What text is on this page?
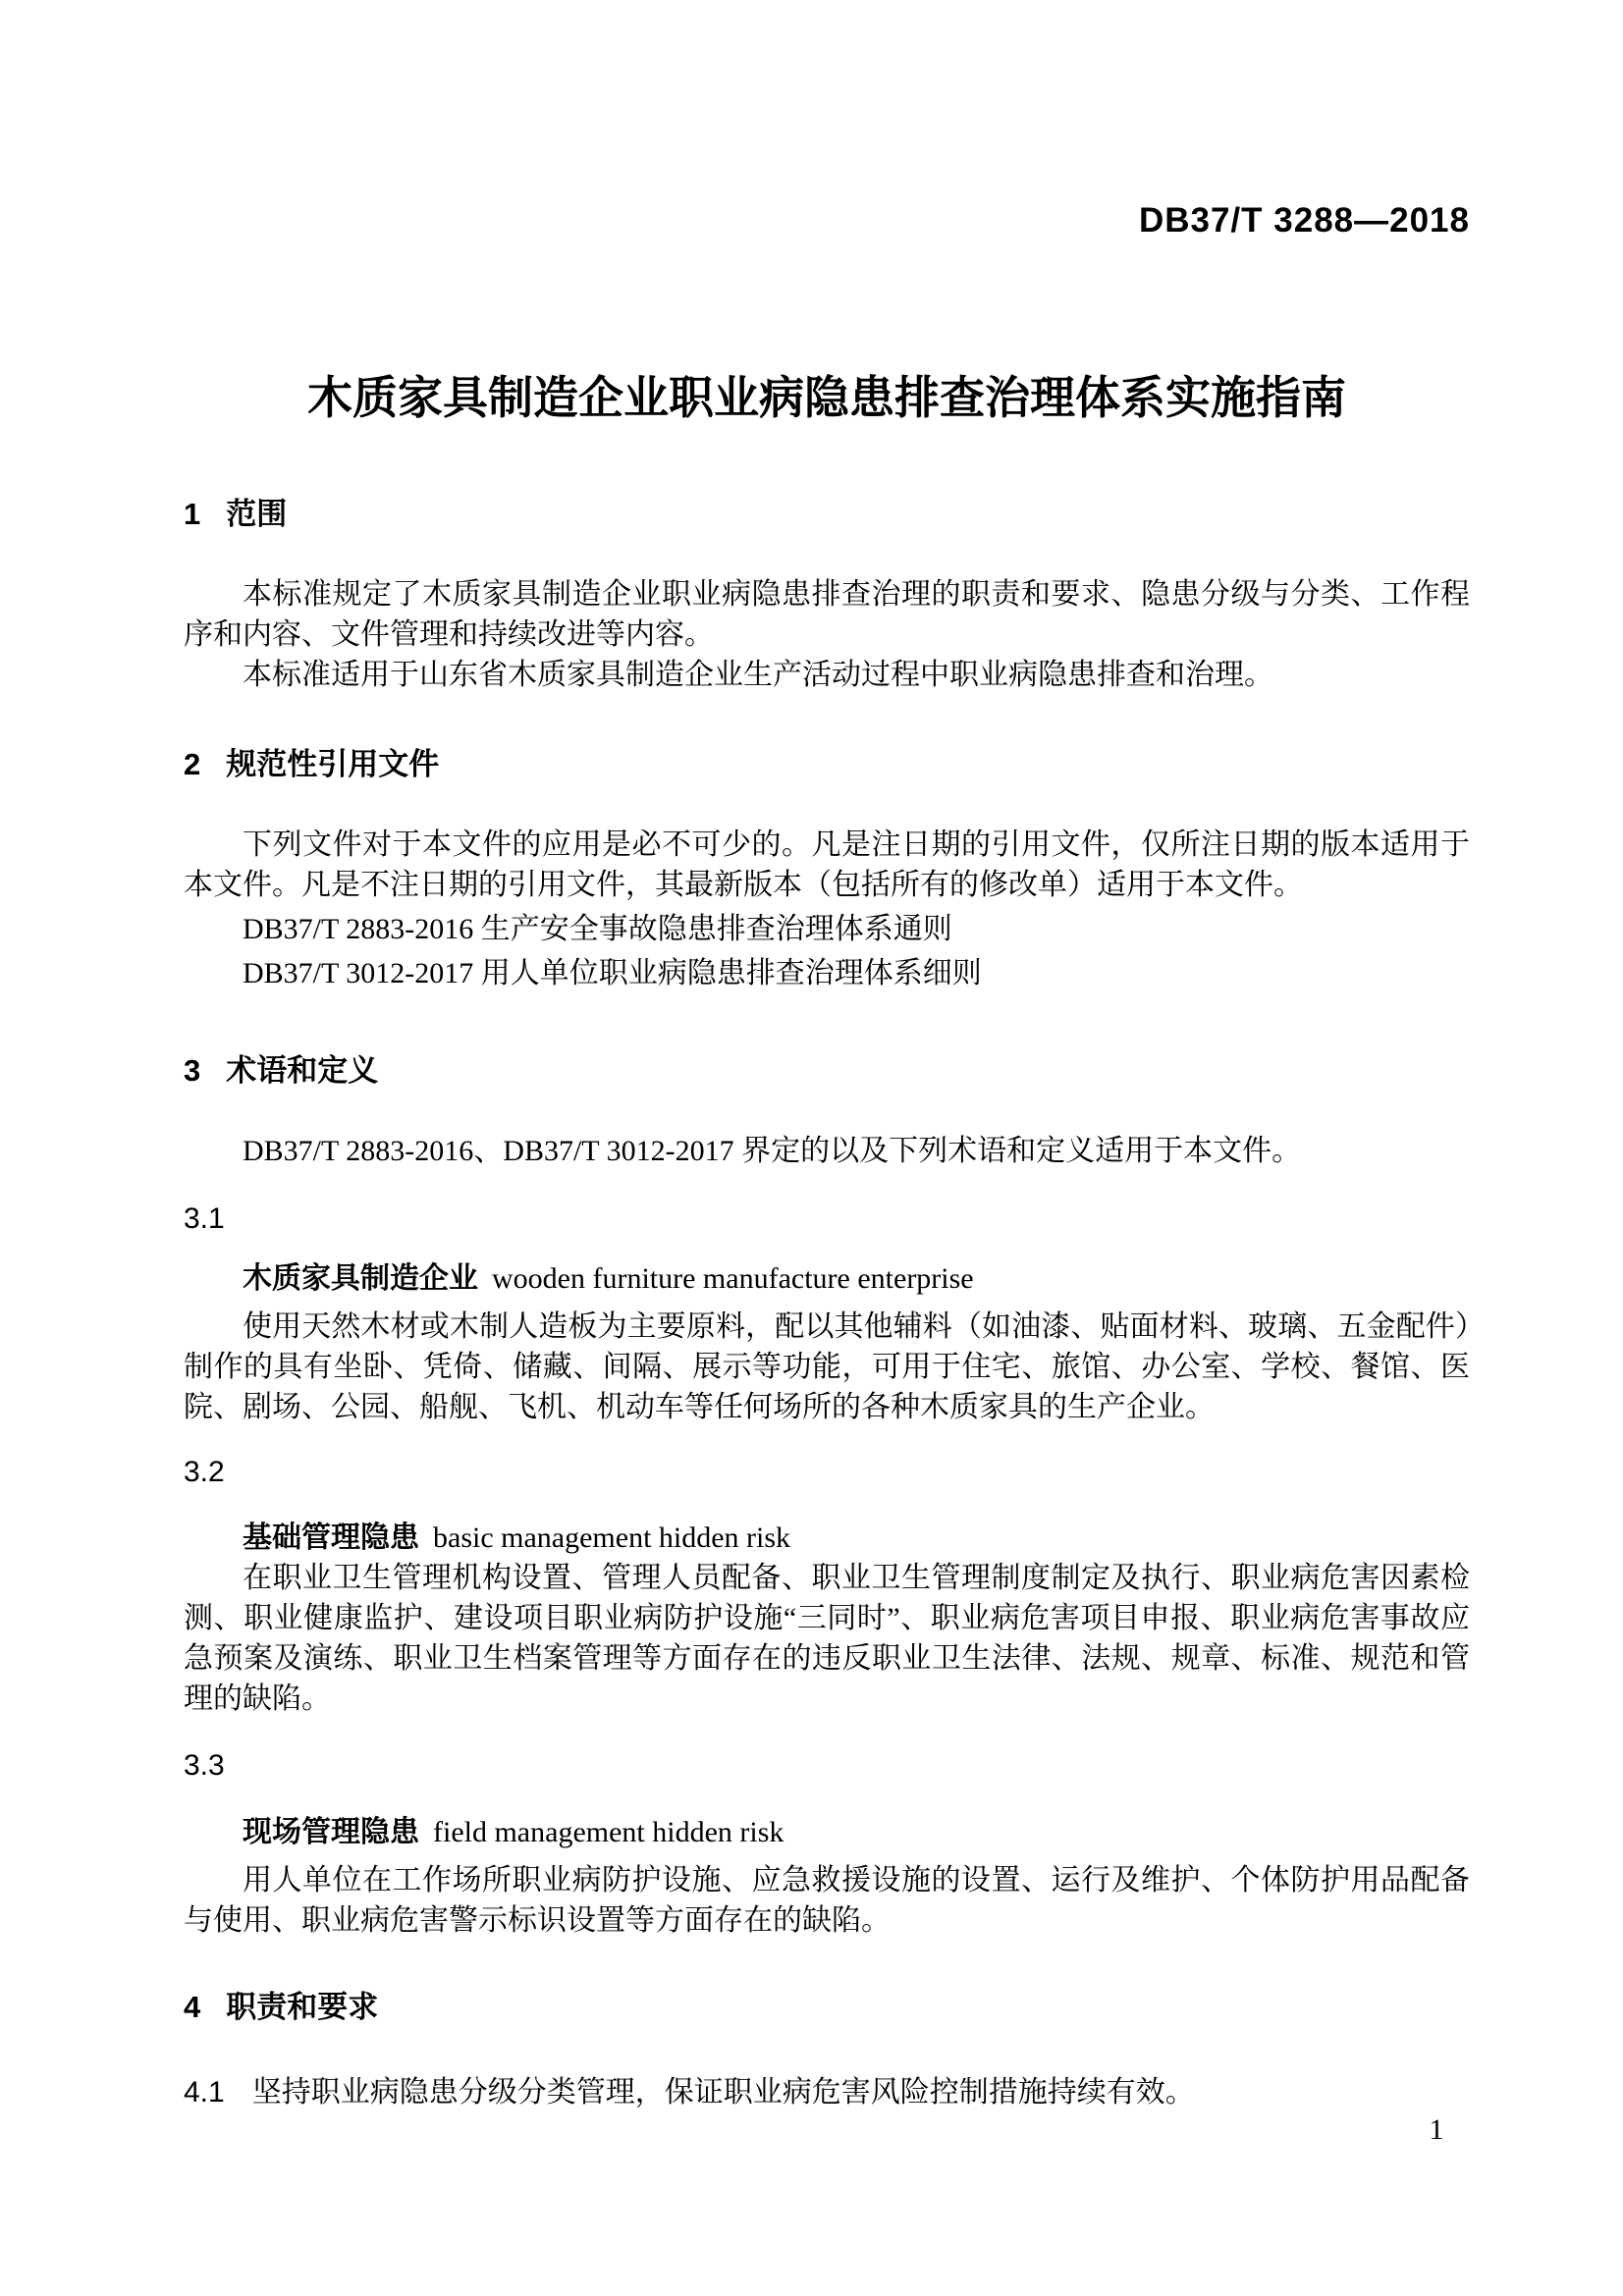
DB37/T 3288—2018
木质家具制造企业职业病隐患排查治理体系实施指南
1 范围

本标准规定了木质家具制造企业职业病隐患排查治理的职责和要求、隐患分级与分类、工作程序和内容、文件管理和持续改进等内容。

本标准适用于山东省木质家具制造企业生产活动过程中职业病隐患排查和治理。

2 规范性引用文件

下列文件对于本文件的应用是必不可少的。凡是注日期的引用文件，仅所注日期的版本适用于本文件。凡是不注日期的引用文件，其最新版本（包括所有的修改单）适用于本文件。

DB37/T 2883-2016 生产安全事故隐患排查治理体系通则
DB37/T 3012-2017 用人单位职业病隐患排查治理体系细则
3 术语和定义

DB37/T 2883-2016、DB37/T 3012-2017 界定的以及下列术语和定义适用于本文件。

3.1
木质家具制造企业 wooden furniture manufacture enterprise

使用天然木材或木制人造板为主要原料，配以其他辅料（如油漆、贴面材料、玻璃、五金配件）制作的具有坐卧、凭倚、储藏、间隔、展示等功能，可用于住宅、旅馆、办公室、学校、餐馆、医院、剧场、公园、船舰、飞机、机动车等任何场所的各种木质家具的生产企业。

3.2
基础管理隐患 basic management hidden risk

在职业卫生管理机构设置、管理人员配备、职业卫生管理制度制定及执行、职业病危害因素检测、职业健康监护、建设项目职业病防护设施“三同时”、职业病危害项目申报、职业病危害事故应急预案及演练、职业卫生档案管理等方面存在的违反职业卫生法律、法规、规章、标准、规范和管理的缺陷。

3.3
现场管理隐患 field management hidden risk

用人单位在工作场所职业病防护设施、应急救援设施的设置、运行及维护、个体防护用品配备与使用、职业病危害警示标识设置等方面存在的缺陷。

4 职责和要求
4.1 坚持职业病隐患分级分类管理，保证职业病危害风险控制措施持续有效。
1
